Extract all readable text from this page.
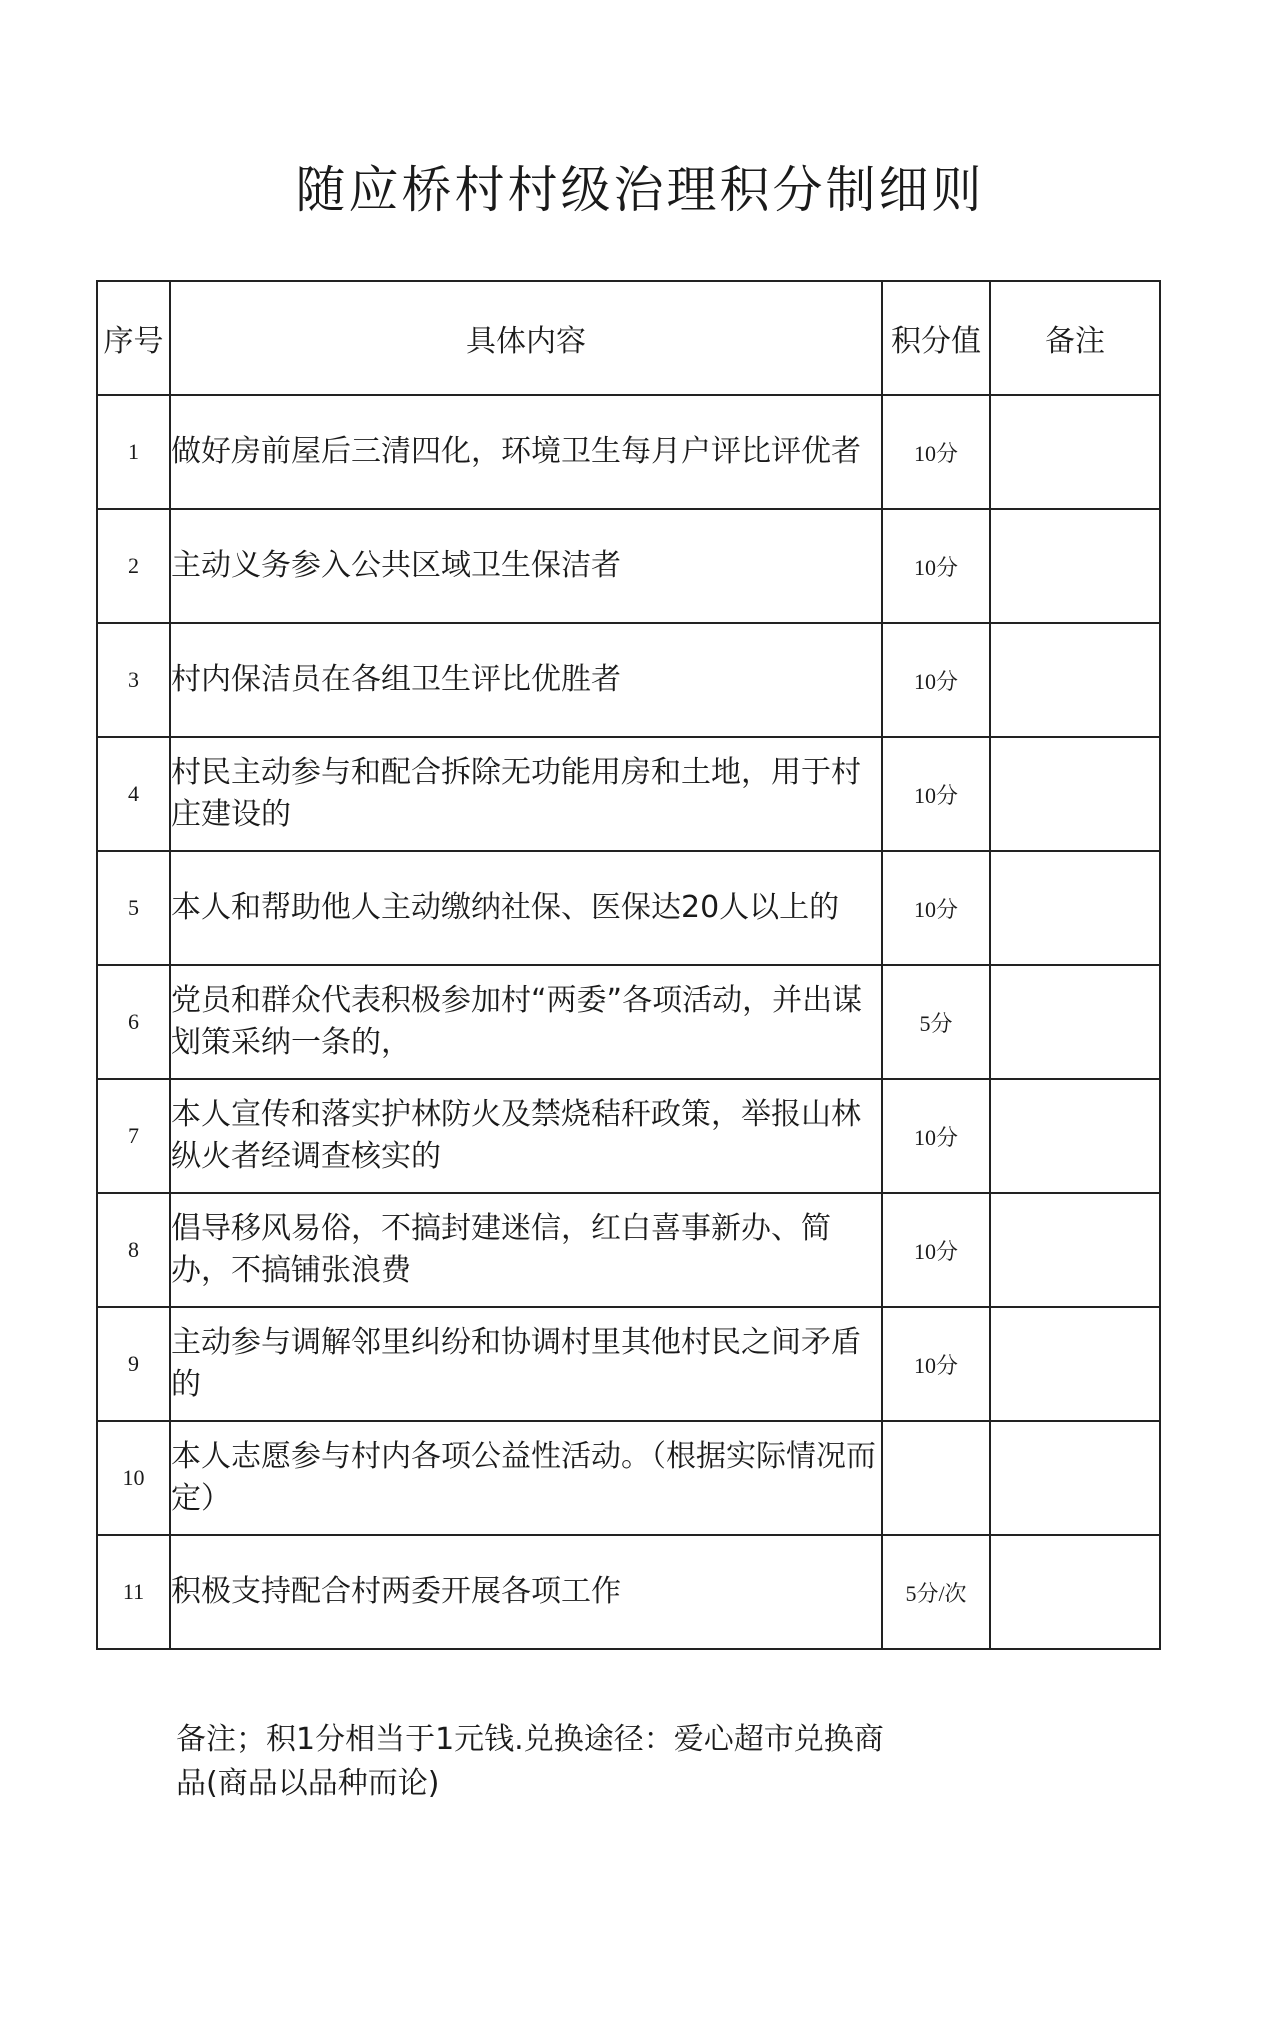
随应桥村村级治理积分制细则
序号	具体内容	积分值	备注
1	做好房前屋后三清四化，环境卫生每月户评比评优者	10分	
2	主动义务参入公共区域卫生保洁者	10分	
3	村内保洁员在各组卫生评比优胜者	10分	
4	村民主动参与和配合拆除无功能用房和土地，用于村庄建设的	10分	
5	本人和帮助他人主动缴纳社保、医保达20人以上的	10分	
6	党员和群众代表积极参加村“两委”各项活动，并出谋划策采纳一条的，	5分	
7	本人宣传和落实护林防火及禁烧秸秆政策，举报山林纵火者经调查核实的	10分	
8	倡导移风易俗，不搞封建迷信，红白喜事新办、简办，不搞铺张浪费	10分	
9	主动参与调解邻里纠纷和协调村里其他村民之间矛盾的	10分	
10	本人志愿参与村内各项公益性活动。（根据实际情况而定）		
11	积极支持配合村两委开展各项工作	5分/次	
备注；积1分相当于1元钱.兑换途径：爱心超市兑换商品(商品以品种而论)
